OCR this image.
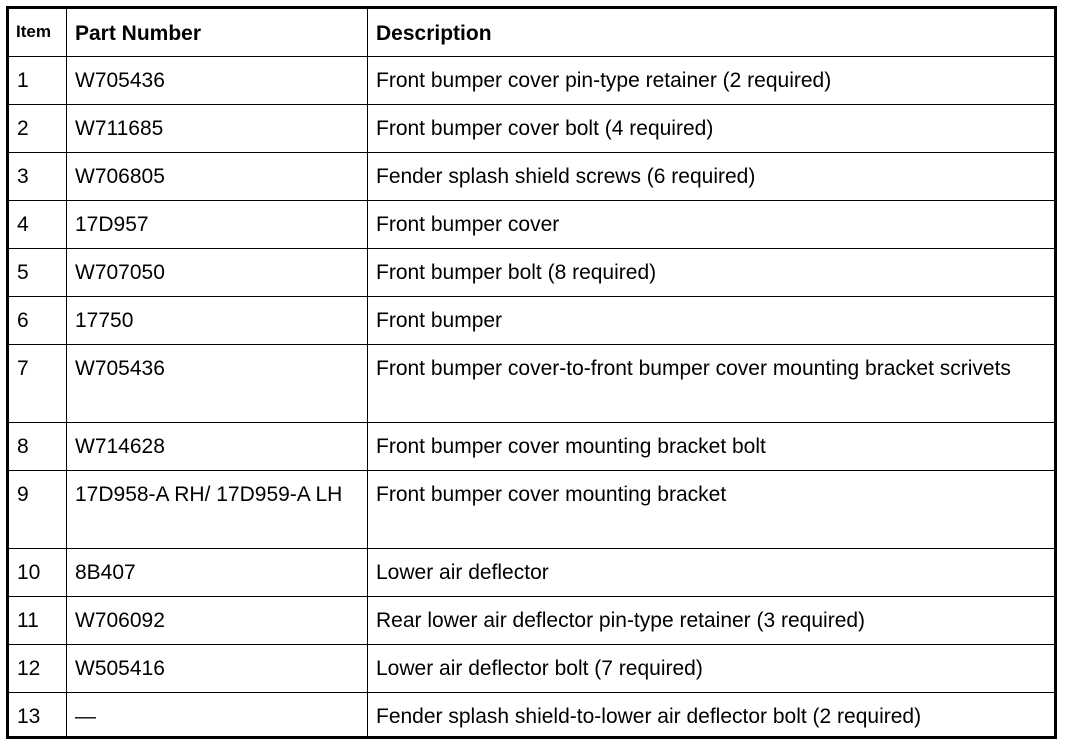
Item	Part Number	Description
1	W705436	Front bumper cover pin-type retainer (2 required)
2	W711685	Front bumper cover bolt (4 required)
3	W706805	Fender splash shield screws (6 required)
4	17D957	Front bumper cover
5	W707050	Front bumper bolt (8 required)
6	17750	Front bumper
7	W705436	Front bumper cover-to-front bumper cover mounting bracket scrivets
8	W714628	Front bumper cover mounting bracket bolt
9	17D958-A RH/ 17D959-A LH	Front bumper cover mounting bracket
10	8B407	Lower air deflector
11	W706092	Rear lower air deflector pin-type retainer (3 required)
12	W505416	Lower air deflector bolt (7 required)
13	—	Fender splash shield-to-lower air deflector bolt (2 required)
